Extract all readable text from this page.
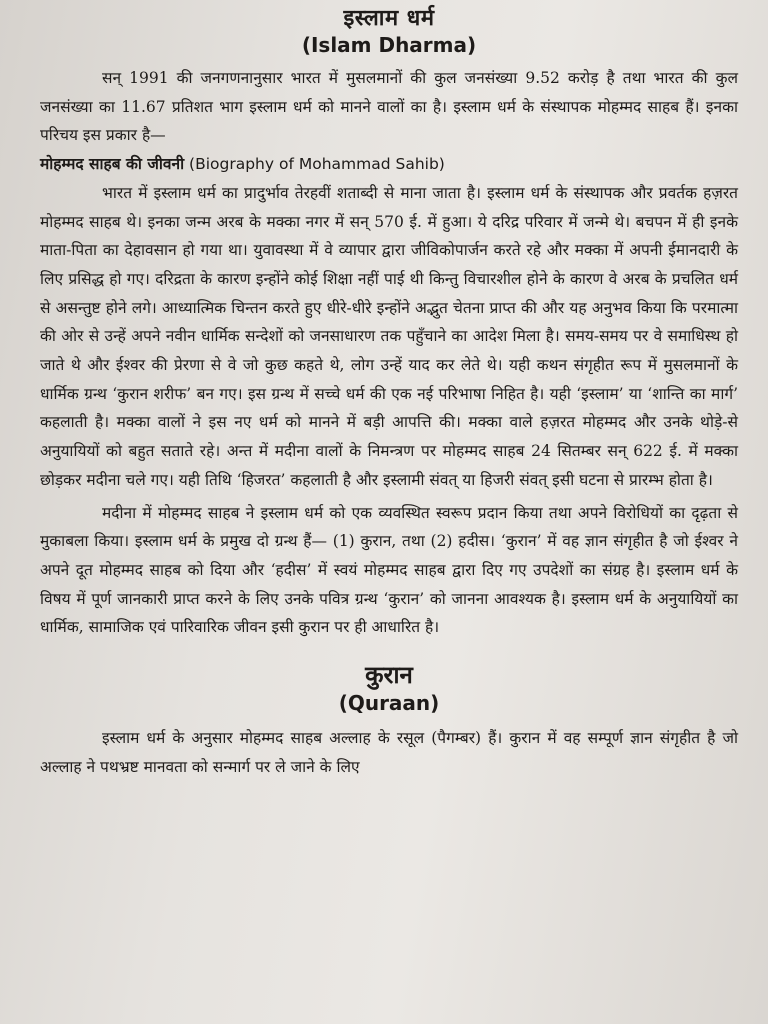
इस्लाम धर्म
(Islam Dharma)

सन् 1991 की जनगणनानुसार भारत में मुसलमानों की कुल जनसंख्या 9.52 करोड़ है तथा भारत की कुल जनसंख्या का 11.67 प्रतिशत भाग इस्लाम धर्म को मानने वालों का है। इस्लाम धर्म के संस्थापक मोहम्मद साहब हैं। इनका परिचय इस प्रकार है—

मोहम्मद साहब की जीवनी (Biography of Mohammad Sahib)

भारत में इस्लाम धर्म का प्रादुर्भाव तेरहवीं शताब्दी से माना जाता है। इस्लाम धर्म के संस्थापक और प्रवर्तक हज़रत मोहम्मद साहब थे। इनका जन्म अरब के मक्का नगर में सन् 570 ई. में हुआ। ये दरिद्र परिवार में जन्मे थे। बचपन में ही इनके माता-पिता का देहावसान हो गया था। युवावस्था में वे व्यापार द्वारा जीविकोपार्जन करते रहे और मक्का में अपनी ईमानदारी के लिए प्रसिद्ध हो गए। दरिद्रता के कारण इन्होंने कोई शिक्षा नहीं पाई थी किन्तु विचारशील होने के कारण वे अरब के प्रचलित धर्म से असन्तुष्ट होने लगे। आध्यात्मिक चिन्तन करते हुए धीरे-धीरे इन्होंने अद्भुत चेतना प्राप्त की और यह अनुभव किया कि परमात्मा की ओर से उन्हें अपने नवीन धार्मिक सन्देशों को जनसाधारण तक पहुँचाने का आदेश मिला है। समय-समय पर वे समाधिस्थ हो जाते थे और ईश्वर की प्रेरणा से वे जो कुछ कहते थे, लोग उन्हें याद कर लेते थे। यही कथन संगृहीत रूप में मुसलमानों के धार्मिक ग्रन्थ ‘कुरान शरीफ’ बन गए। इस ग्रन्थ में सच्चे धर्म की एक नई परिभाषा निहित है। यही ‘इस्लाम’ या ‘शान्ति का मार्ग’ कहलाती है। मक्का वालों ने इस नए धर्म को मानने में बड़ी आपत्ति की। मक्का वाले हज़रत मोहम्मद और उनके थोड़े-से अनुयायियों को बहुत सताते रहे। अन्त में मदीना वालों के निमन्त्रण पर मोहम्मद साहब 24 सितम्बर सन् 622 ई. में मक्का छोड़कर मदीना चले गए। यही तिथि ‘हिजरत’ कहलाती है और इस्लामी संवत् या हिजरी संवत् इसी घटना से प्रारम्भ होता है।

मदीना में मोहम्मद साहब ने इस्लाम धर्म को एक व्यवस्थित स्वरूप प्रदान किया तथा अपने विरोधियों का दृढ़ता से मुकाबला किया। इस्लाम धर्म के प्रमुख दो ग्रन्थ हैं— (1) कुरान, तथा (2) हदीस। ‘कुरान’ में वह ज्ञान संगृहीत है जो ईश्वर ने अपने दूत मोहम्मद साहब को दिया और ‘हदीस’ में स्वयं मोहम्मद साहब द्वारा दिए गए उपदेशों का संग्रह है। इस्लाम धर्म के विषय में पूर्ण जानकारी प्राप्त करने के लिए उनके पवित्र ग्रन्थ ‘कुरान’ को जानना आवश्यक है। इस्लाम धर्म के अनुयायियों का धार्मिक, सामाजिक एवं पारिवारिक जीवन इसी कुरान पर ही आधारित है।

कुरान
(Quraan)

इस्लाम धर्म के अनुसार मोहम्मद साहब अल्लाह के रसूल (पैगम्बर) हैं। कुरान में वह सम्पूर्ण ज्ञान संगृहीत है जो अल्लाह ने पथभ्रष्ट मानवता को सन्मार्ग पर ले जाने के लिए
